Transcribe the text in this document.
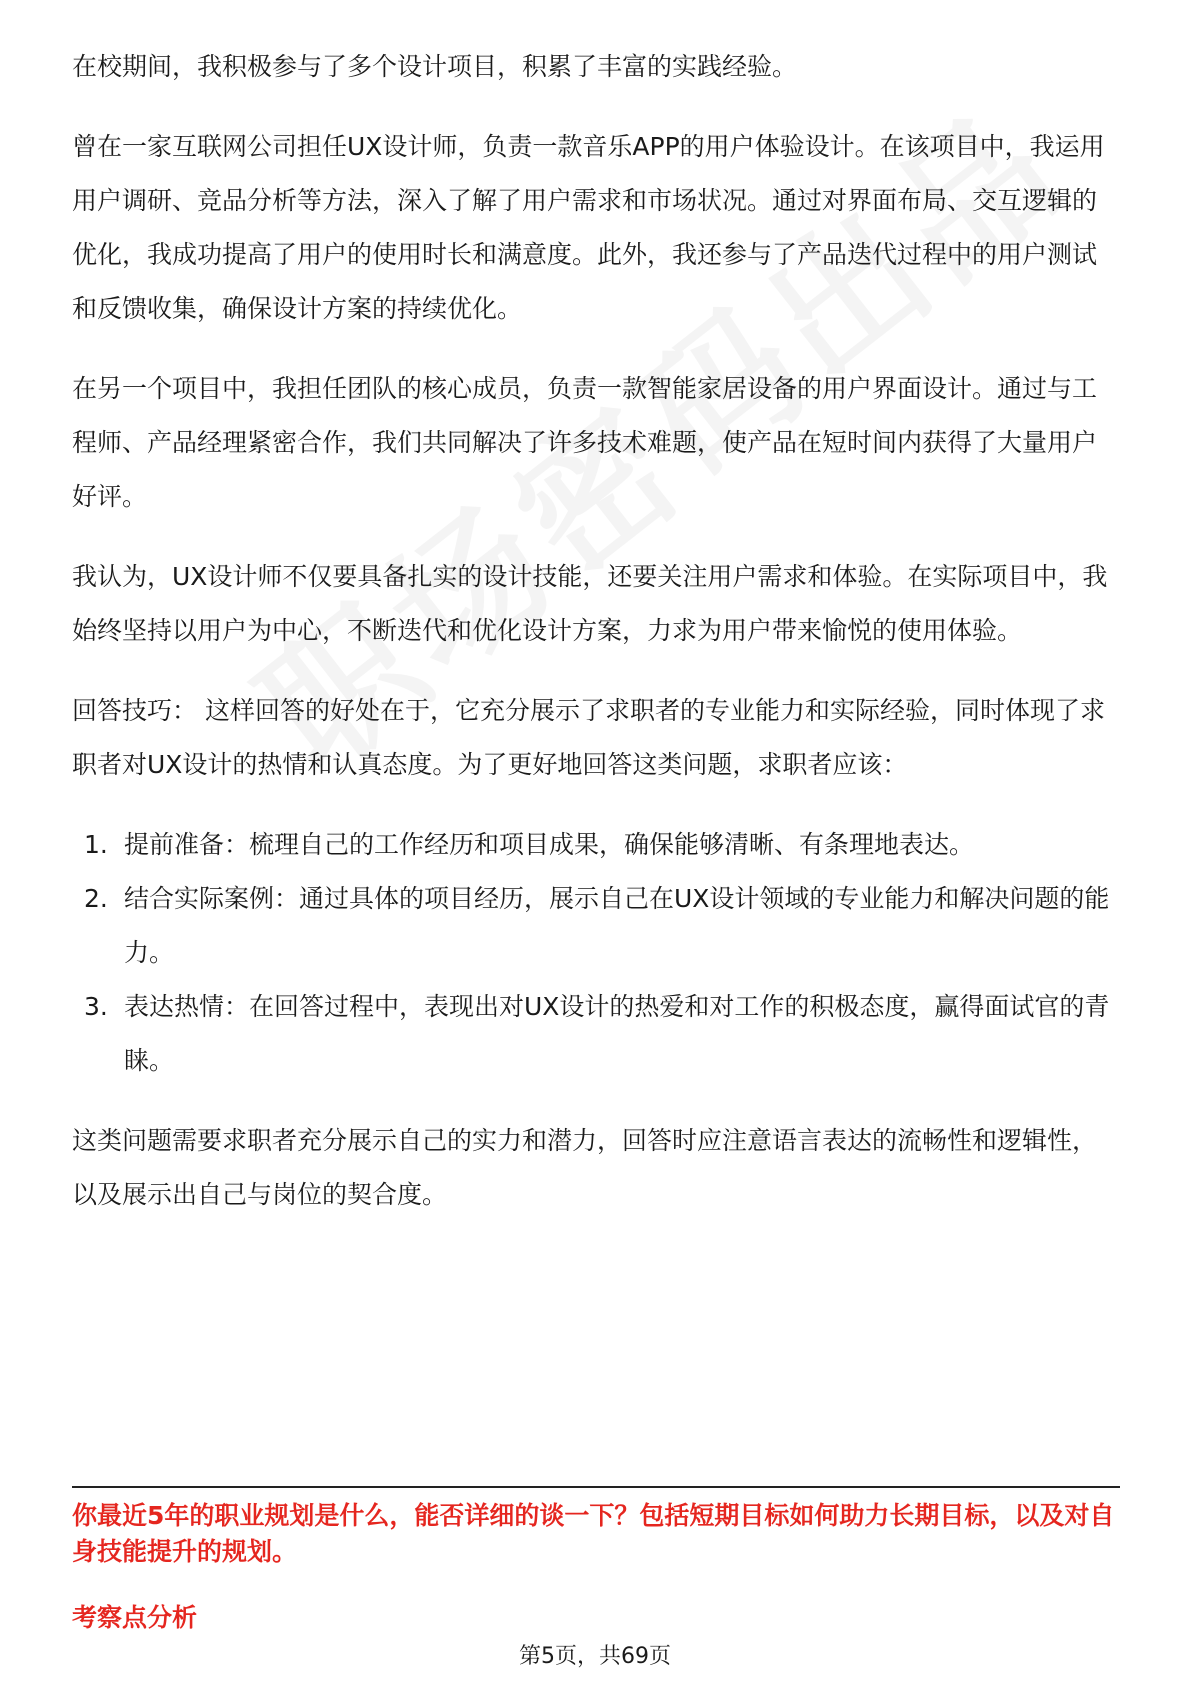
在校期间，我积极参与了多个设计项目，积累了丰富的实践经验。

曾在一家互联网公司担任UX设计师，负责一款音乐APP的用户体验设计。在该项目中，我运用用户调研、竞品分析等方法，深入了解了用户需求和市场状况。通过对界面布局、交互逻辑的优化，我成功提高了用户的使用时长和满意度。此外，我还参与了产品迭代过程中的用户测试和反馈收集，确保设计方案的持续优化。

在另一个项目中，我担任团队的核心成员，负责一款智能家居设备的用户界面设计。通过与工程师、产品经理紧密合作，我们共同解决了许多技术难题，使产品在短时间内获得了大量用户好评。

我认为，UX设计师不仅要具备扎实的设计技能，还要关注用户需求和体验。在实际项目中，我始终坚持以用户为中心，不断迭代和优化设计方案，力求为用户带来愉悦的使用体验。

回答技巧： 这样回答的好处在于，它充分展示了求职者的专业能力和实际经验，同时体现了求职者对UX设计的热情和认真态度。为了更好地回答这类问题，求职者应该：

1. 提前准备：梳理自己的工作经历和项目成果，确保能够清晰、有条理地表达。
2. 结合实际案例：通过具体的项目经历，展示自己在UX设计领域的专业能力和解决问题的能力。
3. 表达热情：在回答过程中，表现出对UX设计的热爱和对工作的积极态度，赢得面试官的青睐。

这类问题需要求职者充分展示自己的实力和潜力，回答时应注意语言表达的流畅性和逻辑性，以及展示出自己与岗位的契合度。

你最近5年的职业规划是什么，能否详细的谈一下？包括短期目标如何助力长期目标，以及对自身技能提升的规划。
考察点分析
第5页，共69页
